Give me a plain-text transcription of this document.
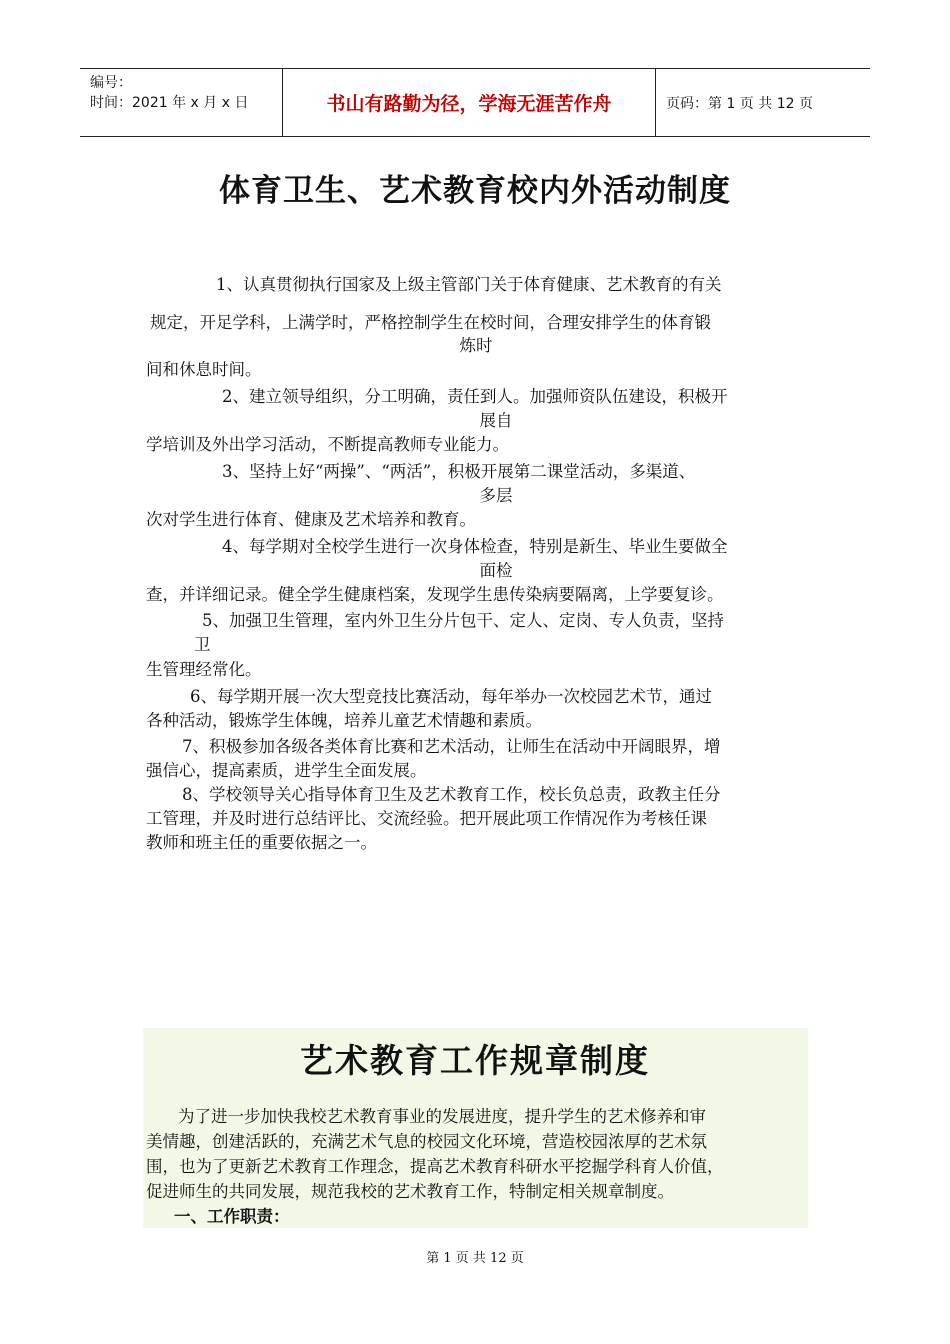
编号：
时间：2021 年 x 月 x 日	书山有路勤为径，学海无涯苦作舟	页码：第 1 页 共 12 页
体育卫生、艺术教育校内外活动制度
1、认真贯彻执行国家及上级主管部门关于体育健康、艺术教育的有关
规定，开足学科，上满学时，严格控制学生在校时间，合理安排学生的体育锻
炼时
间和休息时间。
2、建立领导组织，分工明确，责任到人。加强师资队伍建设，积极开
展自
学培训及外出学习活动，不断提高教师专业能力。
3、坚持上好“两操”、“两活”，积极开展第二课堂活动，多渠道、
多层
次对学生进行体育、健康及艺术培养和教育。
4、每学期对全校学生进行一次身体检查，特别是新生、毕业生要做全
面检
查，并详细记录。健全学生健康档案，发现学生患传染病要隔离，上学要复诊。
5、加强卫生管理，室内外卫生分片包干、定人、定岗、专人负责，坚持
卫
生管理经常化。
6、每学期开展一次大型竞技比赛活动，每年举办一次校园艺术节，通过
各种活动，锻炼学生体魄，培养儿童艺术情趣和素质。
7、积极参加各级各类体育比赛和艺术活动，让师生在活动中开阔眼界，增
强信心，提高素质，进学生全面发展。
8、学校领导关心指导体育卫生及艺术教育工作，校长负总责，政教主任分
工管理，并及时进行总结评比、交流经验。把开展此项工作情况作为考核任课
教师和班主任的重要依据之一。
艺术教育工作规章制度
为了进一步加快我校艺术教育事业的发展进度，提升学生的艺术修养和审
美情趣，创建活跃的，充满艺术气息的校园文化环境，营造校园浓厚的艺术氛
围，也为了更新艺术教育工作理念，提高艺术教育科研水平挖掘学科育人价值，
促进师生的共同发展，规范我校的艺术教育工作，特制定相关规章制度。
一、工作职责：
第 1 页 共 12 页
